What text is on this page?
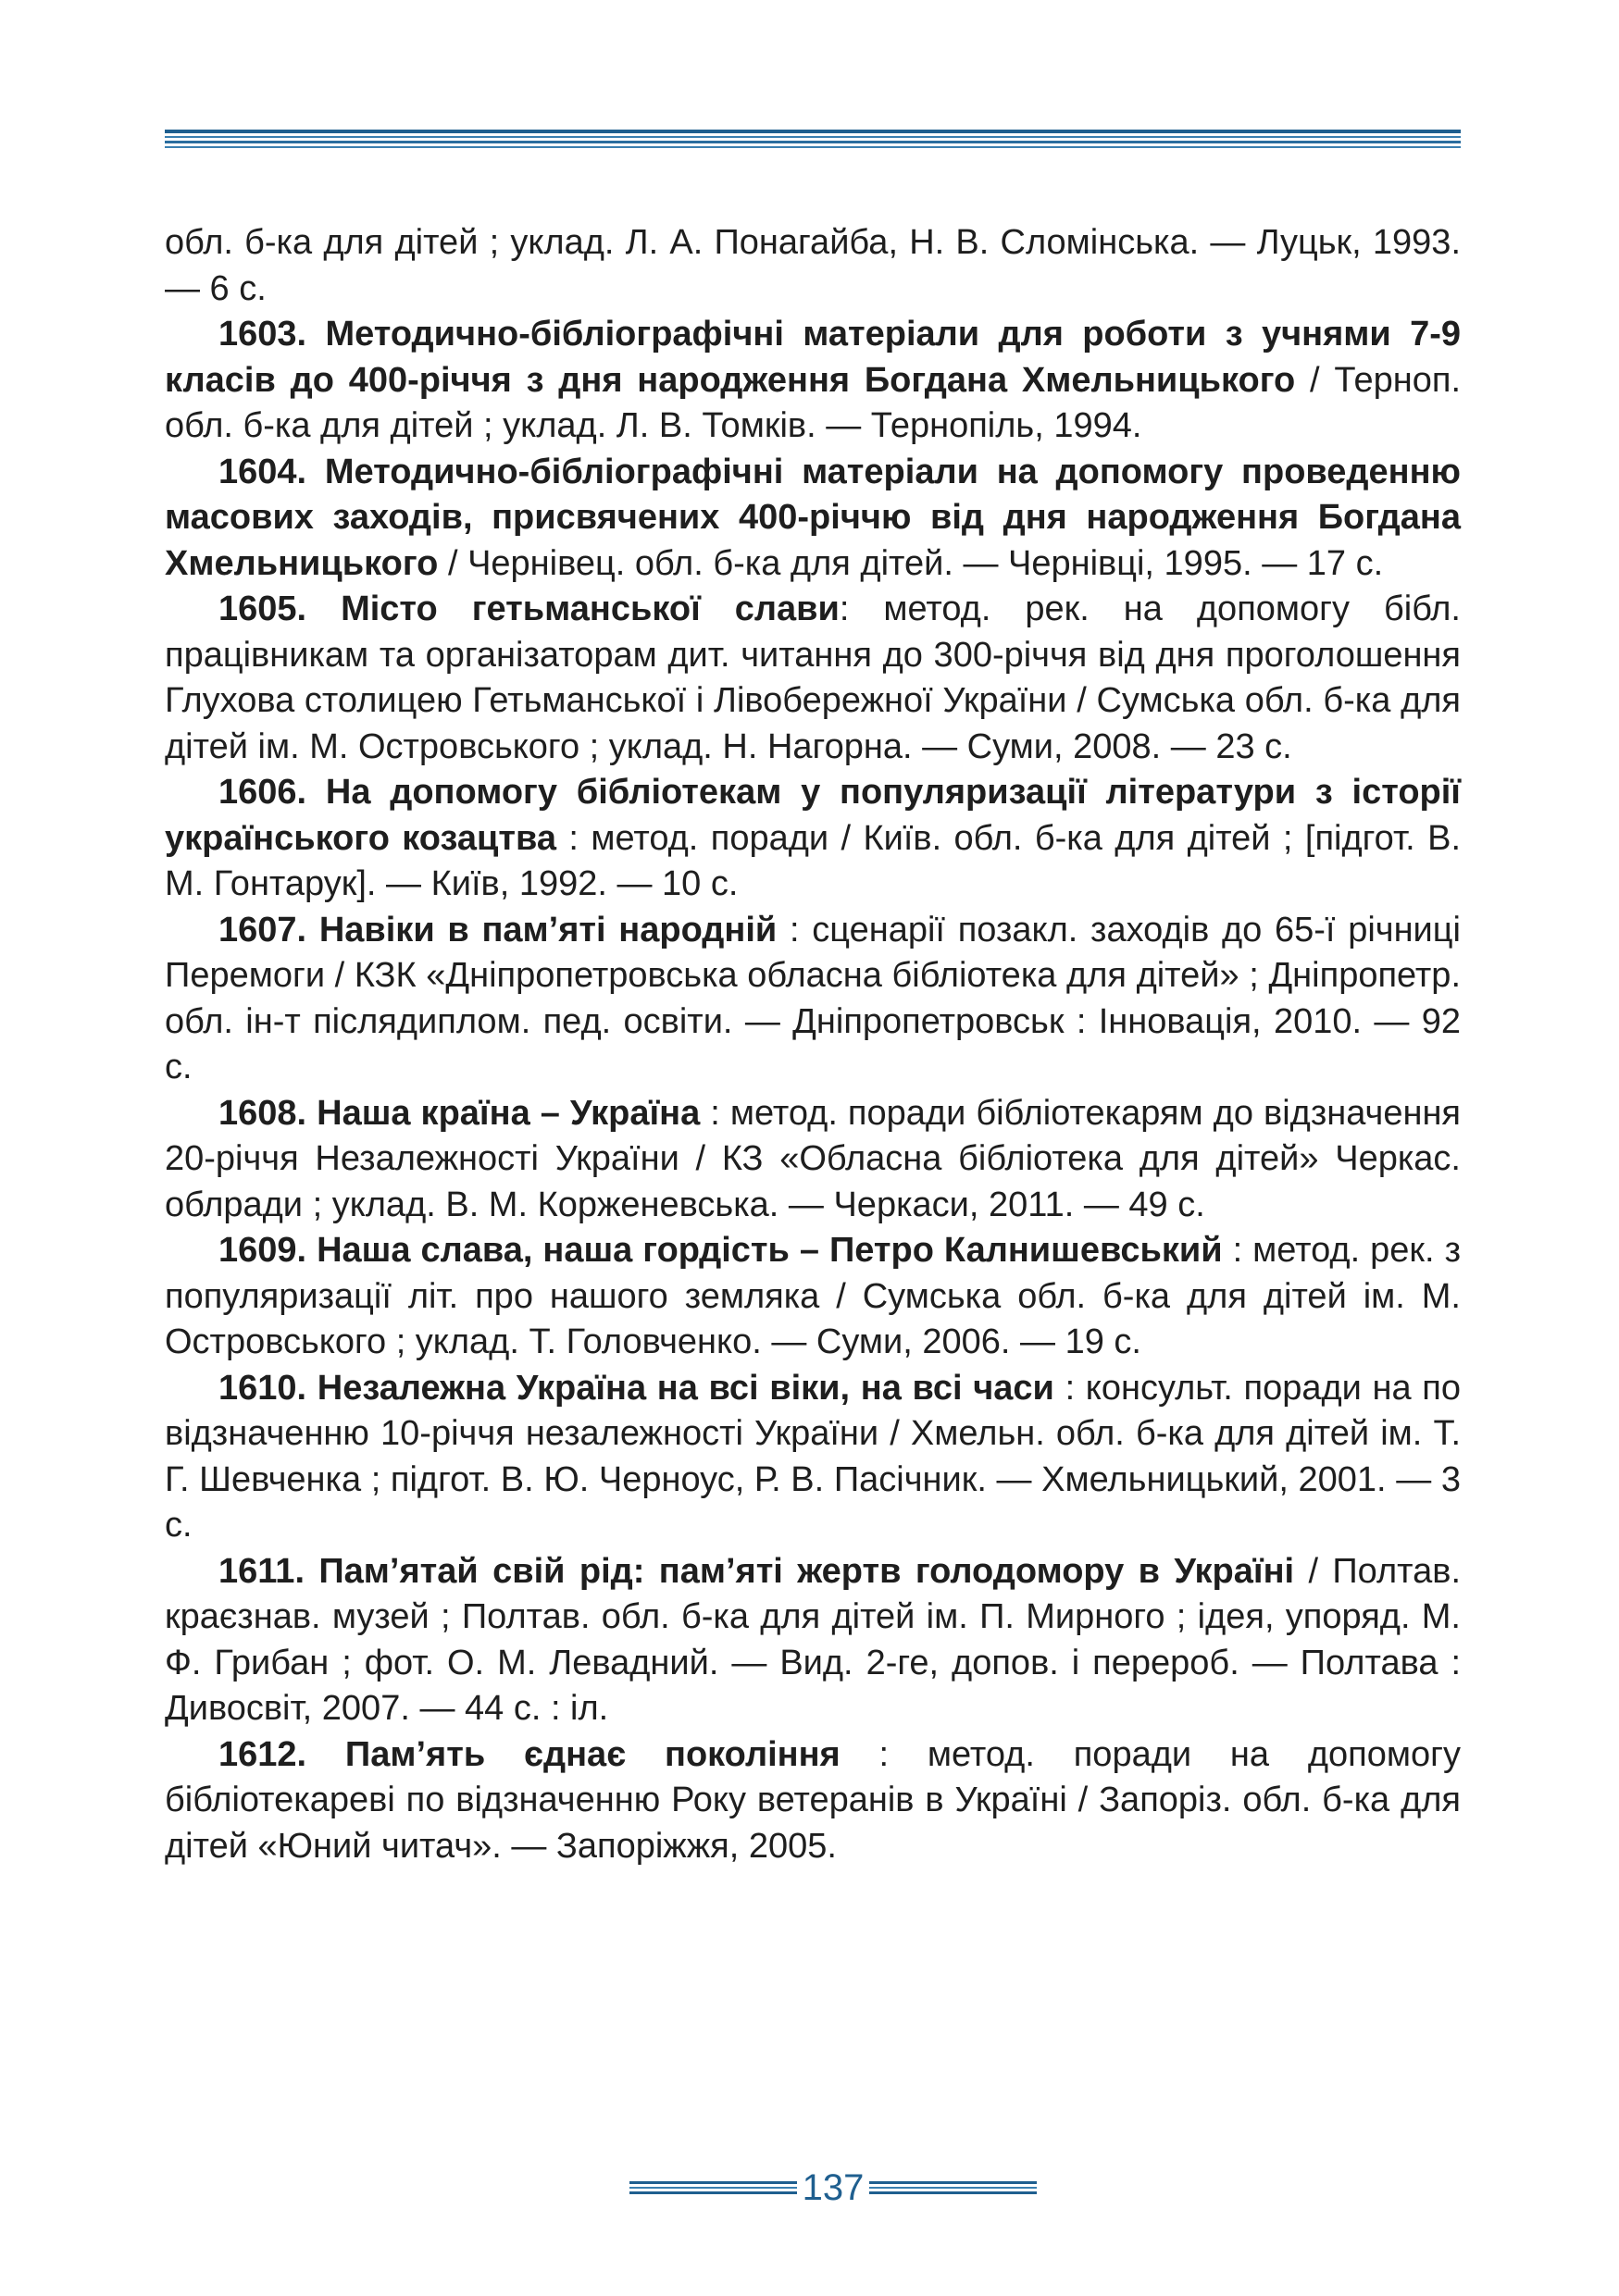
обл. б-ка для дітей ; уклад. Л. А. Понагайба, Н. В. Сломінська. — Луцьк, 1993. — 6 с.

1603. Методично-бібліографічні матеріали для роботи з учнями 7-9 класів до 400-річчя з дня народження Богдана Хмельницького / Терноп. обл. б-ка для дітей ; уклад. Л. В. Томків. — Тернопіль, 1994.

1604. Методично-бібліографічні матеріали на допомогу проведенню масових заходів, присвячених 400-річчю від дня народження Богдана Хмельницького / Чернівец. обл. б-ка для дітей. — Чернівці, 1995. — 17 с.

1605. Місто гетьманської слави: метод. рек. на допомогу бібл. працівникам та організаторам дит. читання до 300-річчя від дня проголошення Глухова столицею Гетьманської і Лівобережної України / Сумська обл. б-ка для дітей ім. М. Островського ; уклад. Н. Нагорна. — Суми, 2008. — 23 с.

1606. На допомогу бібліотекам у популяризації літератури з історії українського козацтва : метод. поради / Київ. обл. б-ка для дітей ; [підгот. В. М. Гонтарук]. — Київ, 1992. — 10 с.

1607. Навіки в пам’яті народній : сценарії позакл. заходів до 65-ї річниці Перемоги / КЗК «Дніпропетровська обласна бібліотека для дітей» ; Дніпропетр. обл. ін-т післядиплом. пед. освіти. — Дніпропетровськ : Інновація, 2010. — 92 с.

1608. Наша країна – Україна : метод. поради бібліотекарям до відзначення 20-річчя Незалежності України / КЗ «Обласна бібліотека для дітей» Черкас. облради ; уклад. В. М. Корженевська. — Черкаси, 2011. — 49 с.

1609. Наша слава, наша гордість – Петро Калнишевський : метод. рек. з популяризації літ. про нашого земляка / Сумська обл. б-ка для дітей ім. М. Островського ; уклад. Т. Головченко. — Суми, 2006. — 19 с.

1610. Незалежна Україна на всі віки, на всі часи : консульт. поради на по відзначенню 10-річчя незалежності України / Хмельн. обл. б-ка для дітей ім. Т. Г. Шевченка ; підгот. В. Ю. Черноус, Р. В. Пасічник. — Хмельницький, 2001. — 3 с.

1611. Пам’ятай свій рід: пам’яті жертв голодомору в Україні / Полтав. краєзнав. музей ; Полтав. обл. б-ка для дітей ім. П. Мирного ; ідея, упоряд. М. Ф. Грибан ; фот. О. М. Левадний. — Вид. 2-ге, допов. і перероб. — Полтава : Дивосвіт, 2007. — 44 с. : іл.

1612. Пам’ять єднає покоління : метод. поради на допомогу бібліотекареві по відзначенню Року ветеранів в Україні / Запоріз. обл. б-ка для дітей «Юний читач». — Запоріжжя, 2005.

137
